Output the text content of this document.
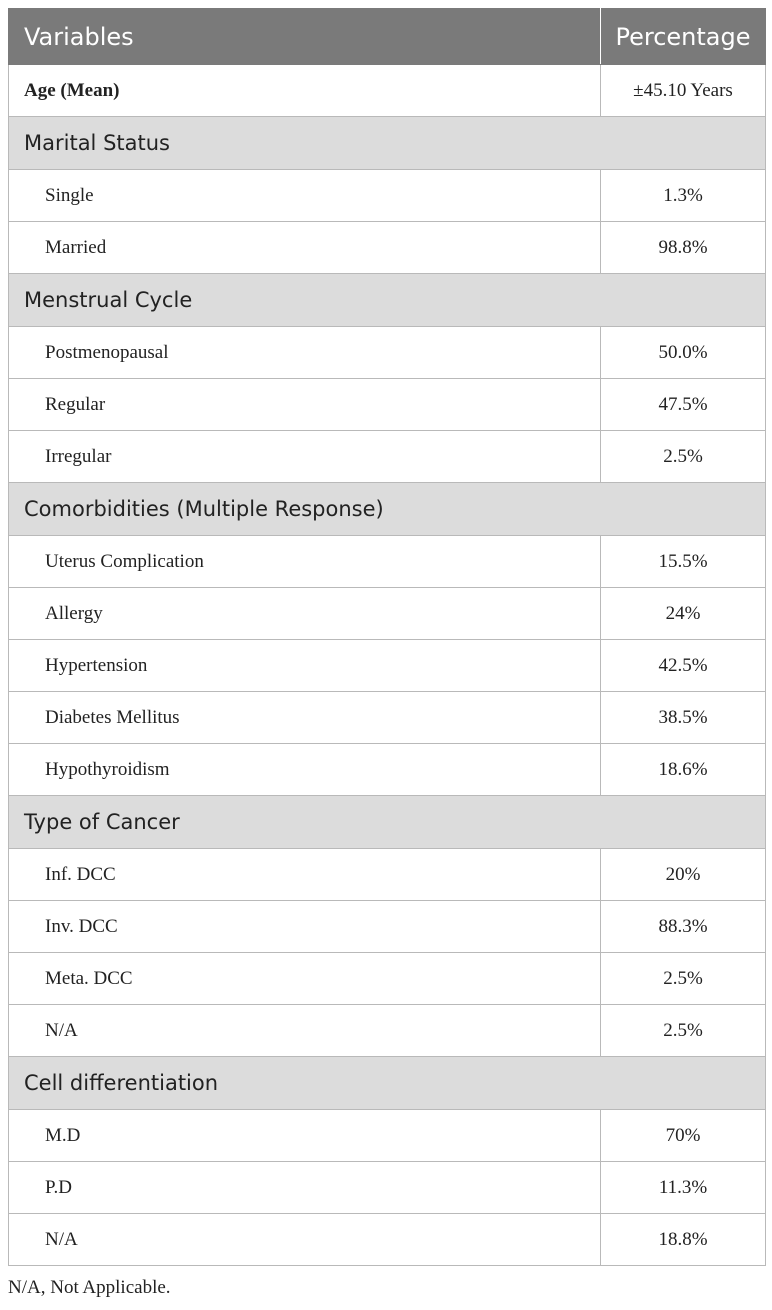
Variables	Percentage
Age (Mean)	±45.10 Years
Marital Status	
Single	1.3%
Married	98.8%
Menstrual Cycle	
Postmenopausal	50.0%
Regular	47.5%
Irregular	2.5%
Comorbidities (Multiple Response)	
Uterus Complication	15.5%
Allergy	24%
Hypertension	42.5%
Diabetes Mellitus	38.5%
Hypothyroidism	18.6%
Type of Cancer	
Inf. DCC	20%
Inv. DCC	88.3%
Meta. DCC	2.5%
N/A	2.5%
Cell differentiation	
M.D	70%
P.D	11.3%
N/A	18.8%
N/A, Not Applicable.
